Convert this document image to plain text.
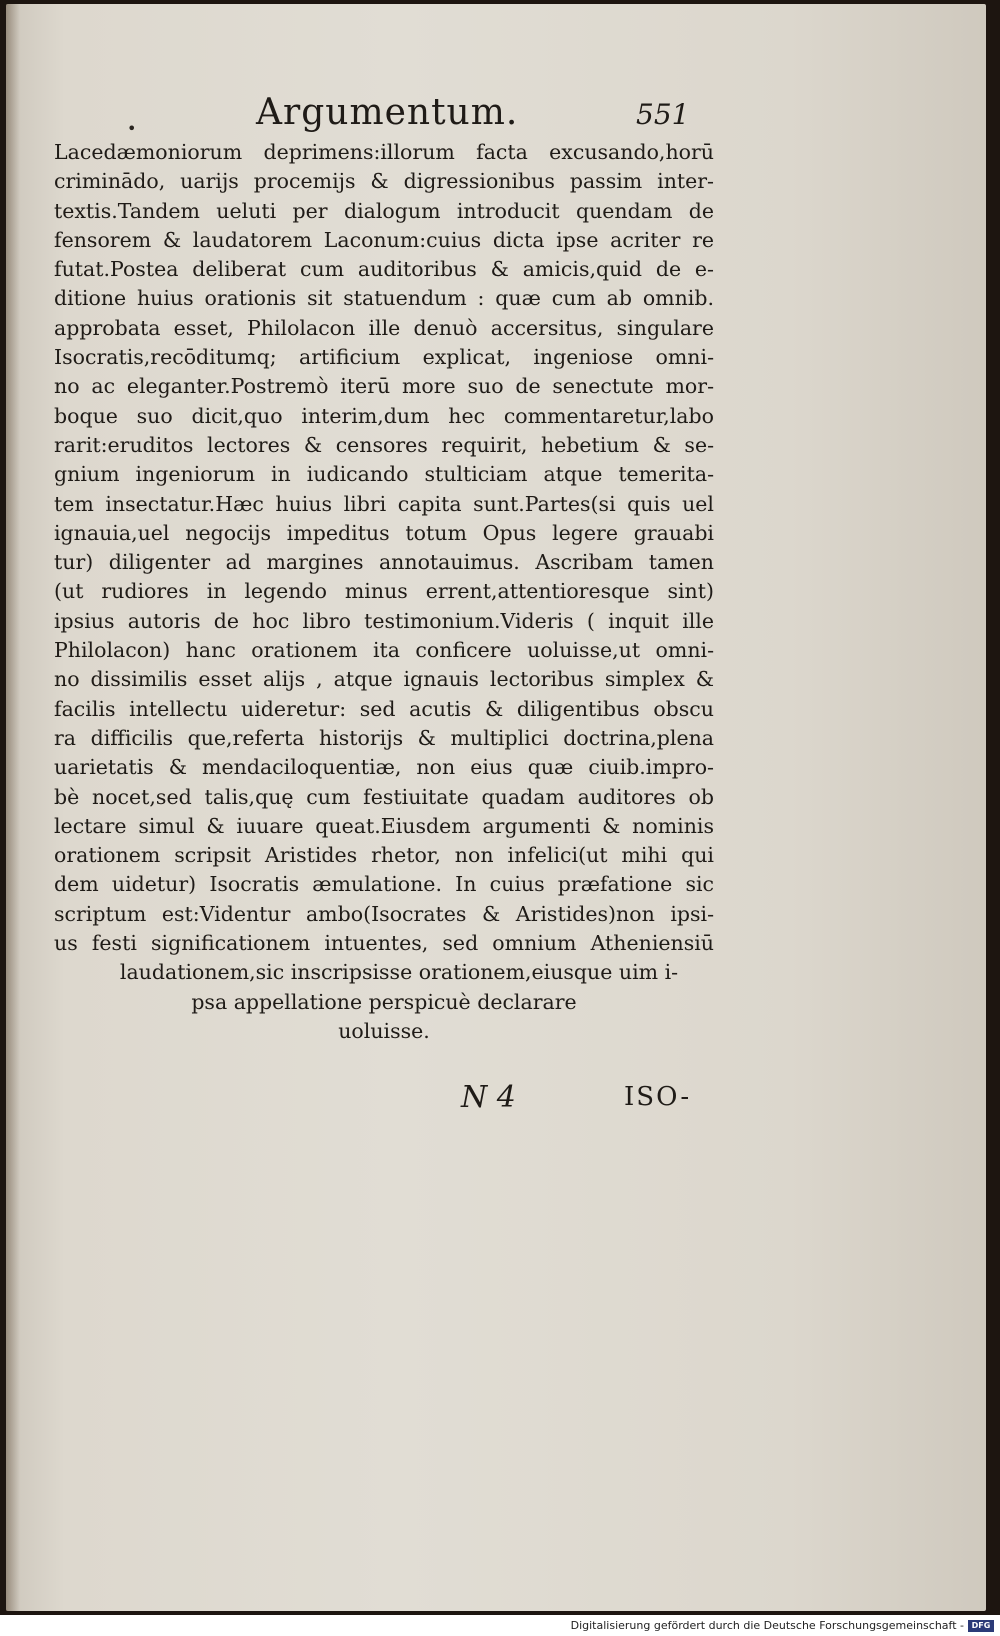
•	Argumentum.	551
Lacedæmoniorum deprimens:illorum facta excusando,horū
criminādo, uarijs procemijs & digressionibus passim inter-
textis.Tandem ueluti per dialogum introducit quendam de
fensorem & laudatorem Laconum:cuius dicta ipse acriter re
futat.Postea deliberat cum auditoribus & amicis,quid de e-
ditione huius orationis sit statuendum : quæ cum ab omnib.
approbata esset, Philolacon ille denuò accersitus, singulare
Isocratis,recōditumq; artificium explicat, ingeniose omni-
no ac eleganter.Postremò iterū more suo de senectute mor-
boque suo dicit,quo interim,dum hec commentaretur,labo
rarit:eruditos lectores & censores requirit, hebetium & se-
gnium ingeniorum in iudicando stulticiam atque temerita-
tem insectatur.Hæc huius libri capita sunt.Partes(si quis uel
ignauia,uel negocijs impeditus totum Opus legere grauabi
tur) diligenter ad margines annotauimus. Ascribam tamen
(ut rudiores in legendo minus errent,attentioresque sint)
ipsius autoris de hoc libro testimonium.Videris ( inquit ille
Philolacon) hanc orationem ita conficere uoluisse,ut omni-
no dissimilis esset alijs , atque ignauis lectoribus simplex &
facilis intellectu uideretur: sed acutis & diligentibus obscu
ra difficilis que,referta historijs & multiplici doctrina,plena
uarietatis & mendaciloquentiæ, non eius quæ ciuib.impro-
bè nocet,sed talis,quę cum festiuitate quadam auditores ob
lectare simul & iuuare queat.Eiusdem argumenti & nominis
orationem scripsit Aristides rhetor, non infelici(ut mihi qui
dem uidetur) Isocratis æmulatione. In cuius præfatione sic
scriptum est:Videntur ambo(Isocrates & Aristides)non ipsi-
us festi significationem intuentes, sed omnium Atheniensiū
laudationem,sic inscripsisse orationem,eiusque uim i-
psa appellatione perspicuè declarare
uoluisse.
N 4	ISO-
Digitalisierung gefördert durch die Deutsche Forschungsgemeinschaft - DFG
